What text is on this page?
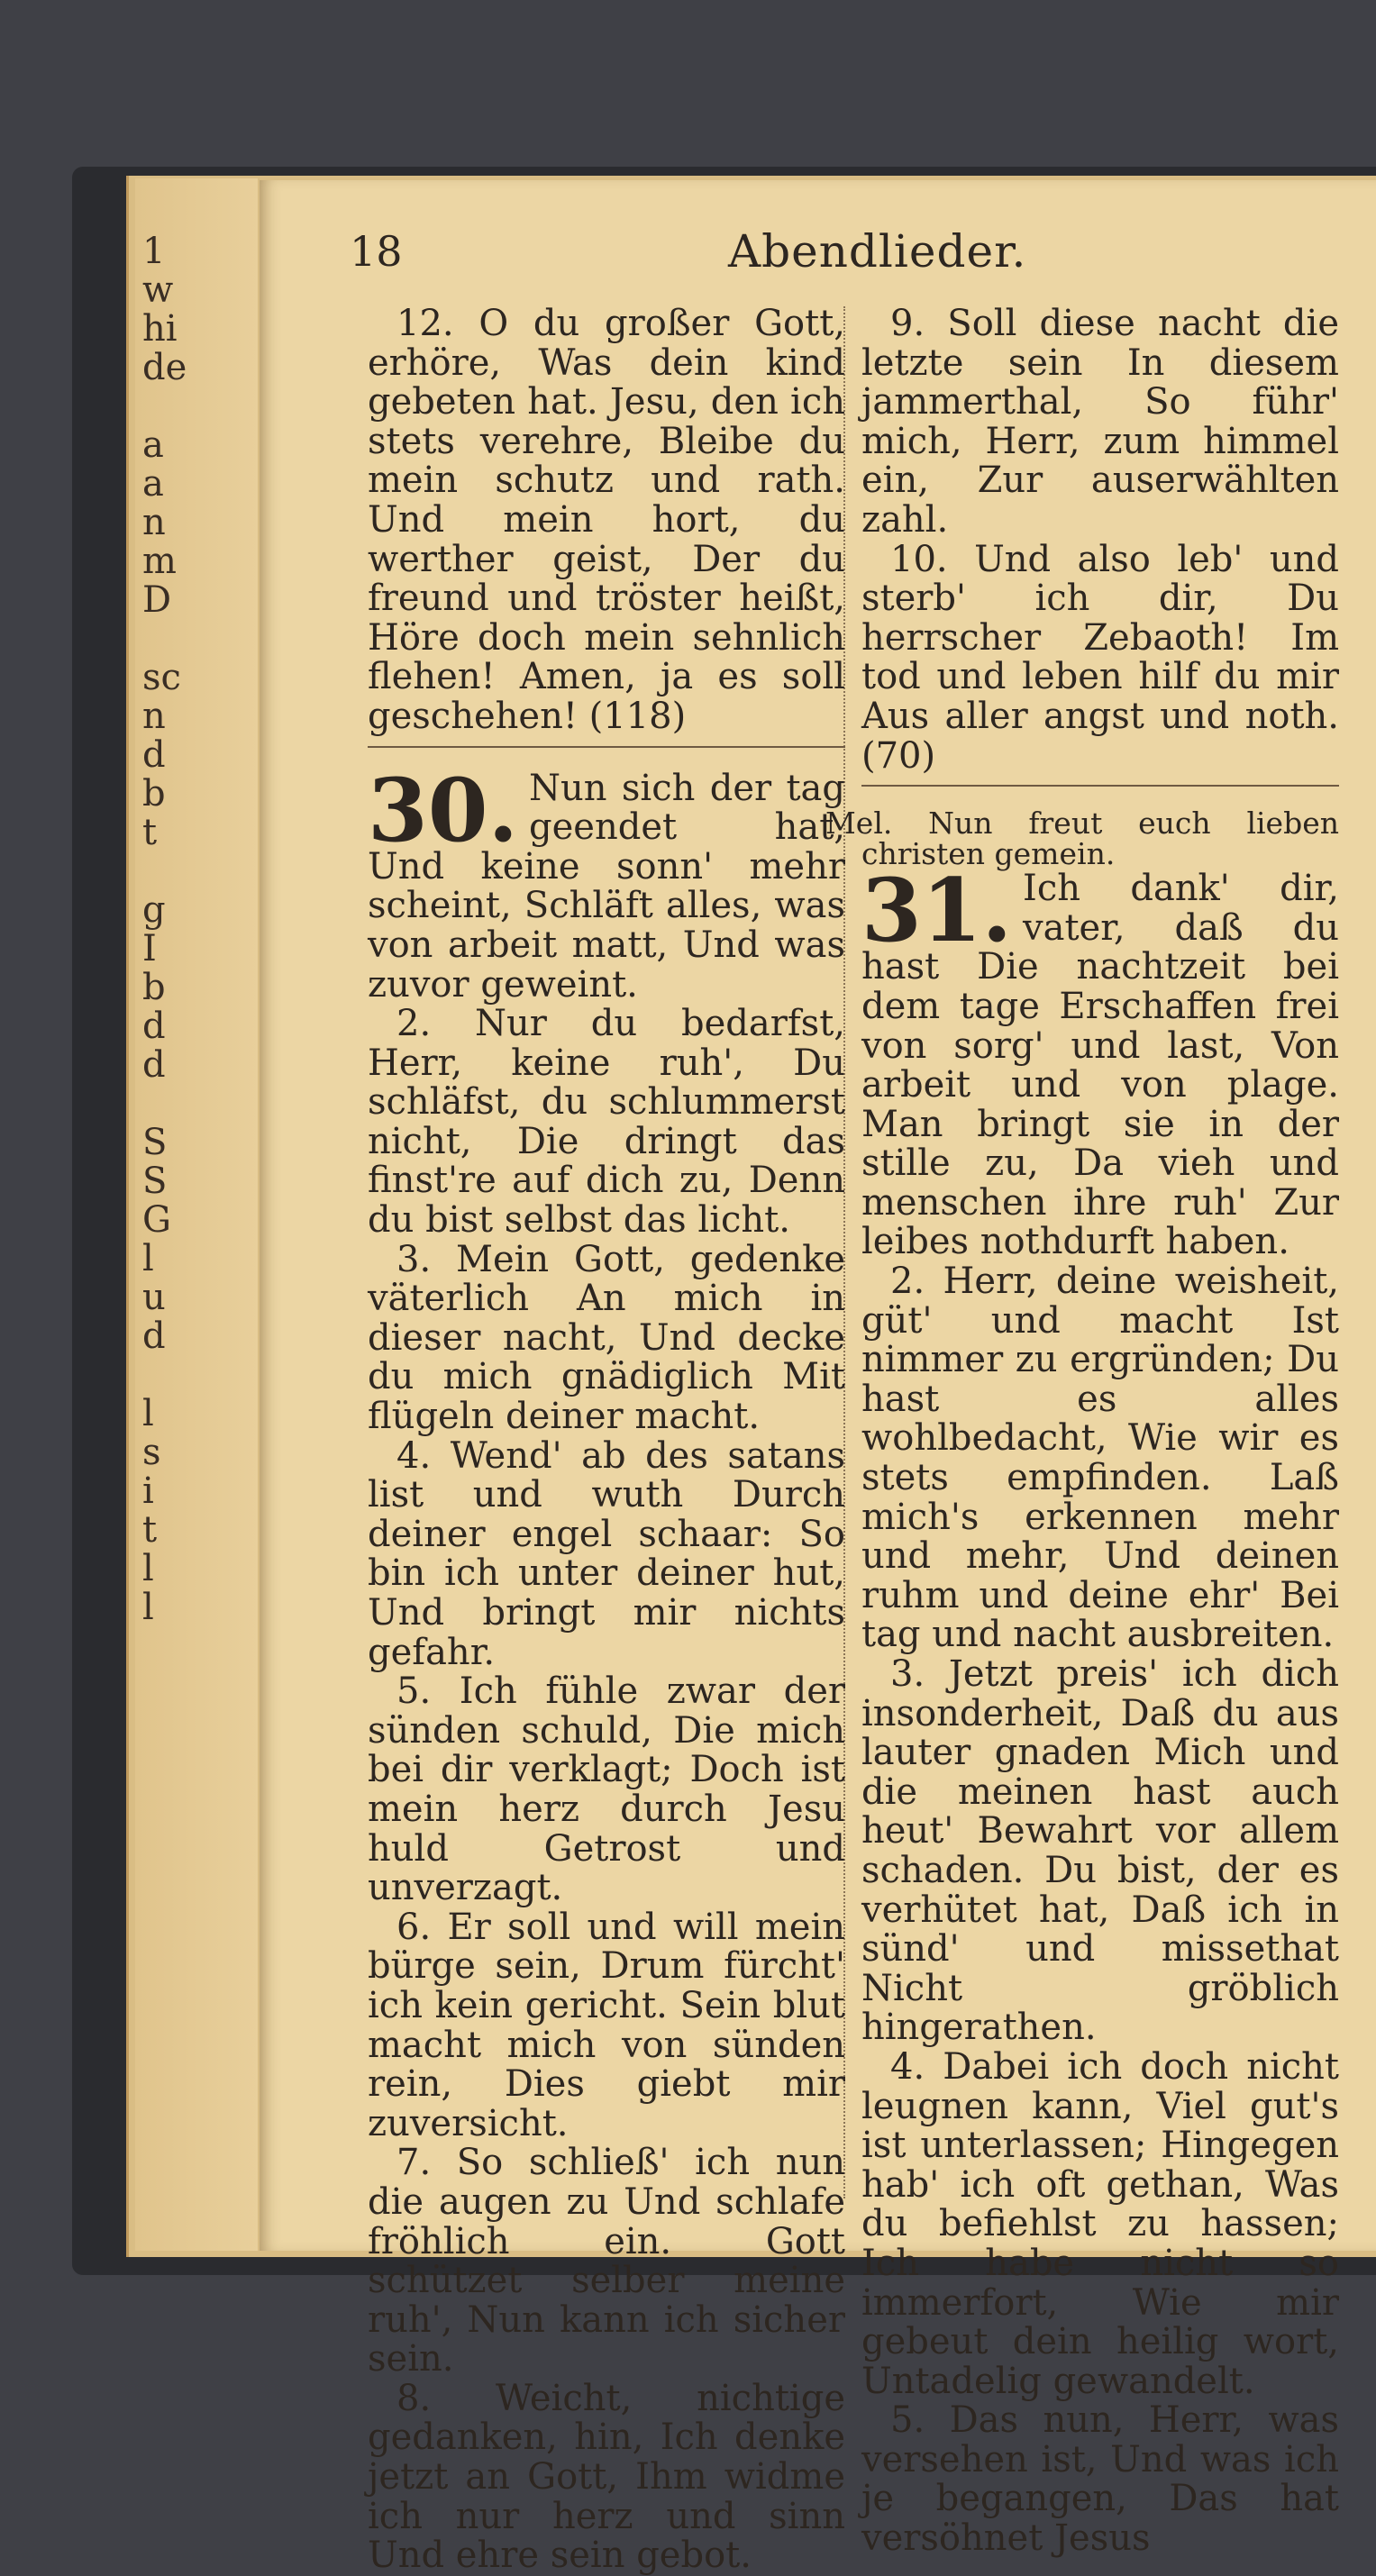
1
w
hi
de

a
a
n
m
D

sc
n
d
b
t

g
I
b
d
d

S
S
G
l
u
d

l
s
i
t
l
l
18	Abendlieder.

12. O du großer Gott, erhöre, Was dein kind gebeten hat. Jesu, den ich stets verehre, Bleibe du mein schutz und rath. Und mein hort, du werther geist, Der du freund und tröster heißt, Höre doch mein sehnlich flehen! Amen, ja es soll geschehen! (118)

30. Nun sich der tag geendet hat, Und keine sonn' mehr scheint, Schläft alles, was von arbeit matt, Und was zuvor geweint.

2. Nur du bedarfst, Herr, keine ruh', Du schläfst, du schlummerst nicht, Die dringt das finst're auf dich zu, Denn du bist selbst das licht.

3. Mein Gott, gedenke väterlich An mich in dieser nacht, Und decke du mich gnädiglich Mit flügeln deiner macht.

4. Wend' ab des satans list und wuth Durch deiner engel schaar: So bin ich unter deiner hut, Und bringt mir nichts gefahr.

5. Ich fühle zwar der sünden schuld, Die mich bei dir verklagt; Doch ist mein herz durch Jesu huld Getrost und unverzagt.

6. Er soll und will mein bürge sein, Drum fürcht' ich kein gericht. Sein blut macht mich von sünden rein, Dies giebt mir zuversicht.

7. So schließ' ich nun die augen zu Und schlafe fröhlich ein. Gott schützet selber meine ruh', Nun kann ich sicher sein.

8. Weicht, nichtige gedanken, hin, Ich denke jetzt an Gott, Ihm widme ich nur herz und sinn Und ehre sein gebot.

9. Soll diese nacht die letzte sein In diesem jammerthal, So führ' mich, Herr, zum himmel ein, Zur auserwählten zahl.

10. Und also leb' und sterb' ich dir, Du herrscher Zebaoth! Im tod und leben hilf du mir Aus aller angst und noth. (70)

Mel. Nun freut euch lieben christen gemein.

31. Ich dank' dir, vater, daß du hast Die nachtzeit bei dem tage Erschaffen frei von sorg' und last, Von arbeit und von plage. Man bringt sie in der stille zu, Da vieh und menschen ihre ruh' Zur leibes nothdurft haben.

2. Herr, deine weisheit, güt' und macht Ist nimmer zu ergründen; Du hast es alles wohlbedacht, Wie wir es stets empfinden. Laß mich's erkennen mehr und mehr, Und deinen ruhm und deine ehr' Bei tag und nacht ausbreiten.

3. Jetzt preis' ich dich insonderheit, Daß du aus lauter gnaden Mich und die meinen hast auch heut' Bewahrt vor allem schaden. Du bist, der es verhütet hat, Daß ich in sünd' und missethat Nicht gröblich hingerathen.

4. Dabei ich doch nicht leugnen kann, Viel gut's ist unterlassen; Hingegen hab' ich oft gethan, Was du befiehlst zu hassen; Ich habe nicht so immerfort, Wie mir gebeut dein heilig wort, Untadelig gewandelt.

5. Das nun, Herr, was versehen ist, Und was ich je begangen, Das hat versöhnet Jesus
